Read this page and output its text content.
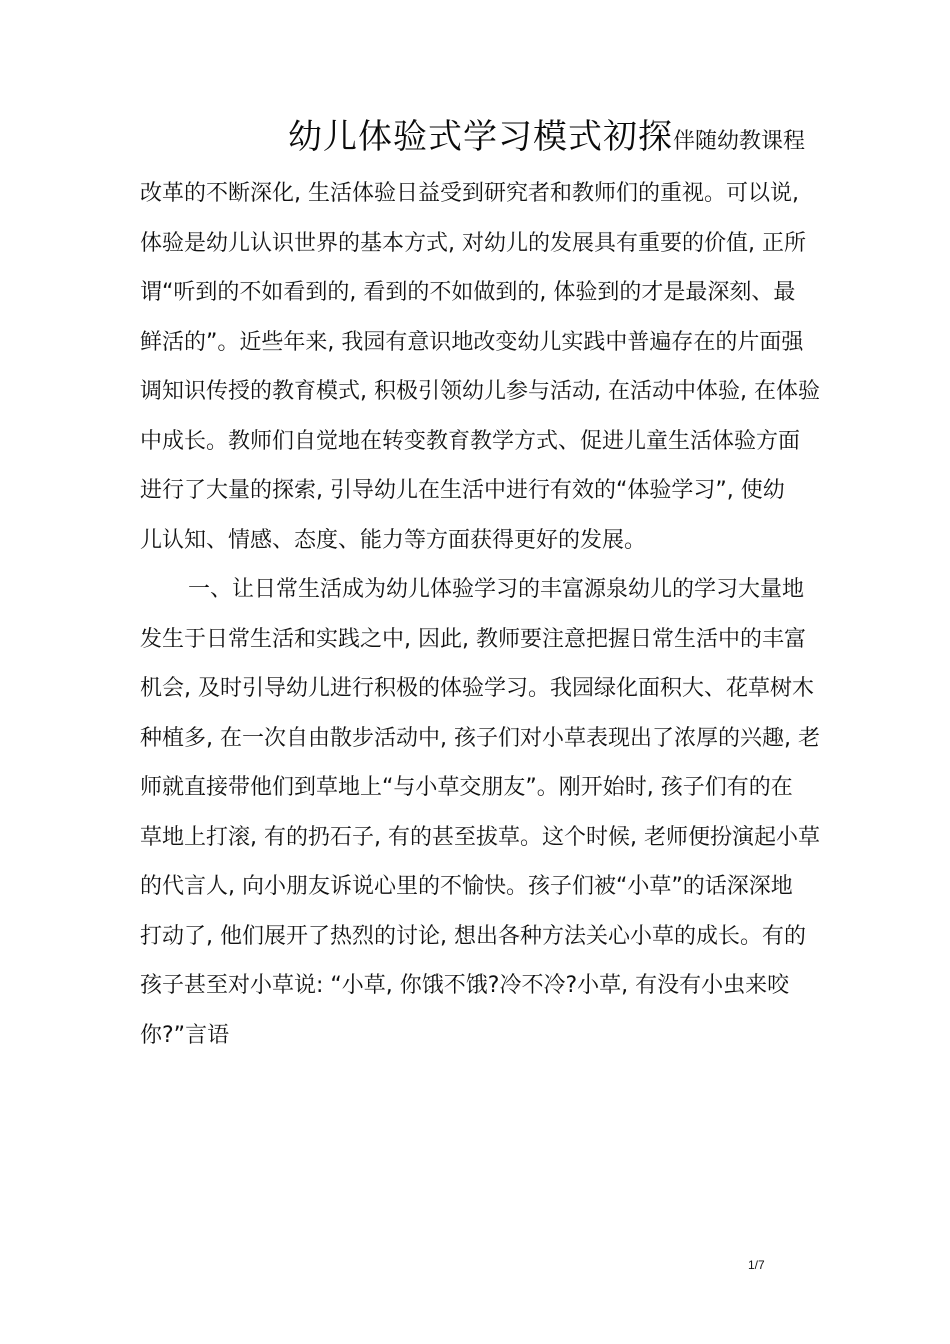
幼儿体验式学习模式初探伴随幼教课程
改革的不断深化, 生活体验日益受到研究者和教师们的重视。可以说,
体验是幼儿认识世界的基本方式, 对幼儿的发展具有重要的价值, 正所
谓“听到的不如看到的, 看到的不如做到的, 体验到的才是最深刻、最
鲜活的”。近些年来, 我园有意识地改变幼儿实践中普遍存在的片面强
调知识传授的教育模式, 积极引领幼儿参与活动, 在活动中体验, 在体验
中成长。教师们自觉地在转变教育教学方式、促进儿童生活体验方面
进行了大量的探索, 引导幼儿在生活中进行有效的“体验学习”, 使幼
儿认知、情感、态度、能力等方面获得更好的发展。
一、让日常生活成为幼儿体验学习的丰富源泉幼儿的学习大量地
发生于日常生活和实践之中, 因此, 教师要注意把握日常生活中的丰富
机会, 及时引导幼儿进行积极的体验学习。我园绿化面积大、花草树木
种植多, 在一次自由散步活动中, 孩子们对小草表现出了浓厚的兴趣, 老
师就直接带他们到草地上“与小草交朋友”。刚开始时, 孩子们有的在
草地上打滚, 有的扔石子, 有的甚至拔草。这个时候, 老师便扮演起小草
的代言人, 向小朋友诉说心里的不愉快。孩子们被“小草”的话深深地
打动了, 他们展开了热烈的讨论, 想出各种方法关心小草的成长。有的
孩子甚至对小草说: “小草, 你饿不饿?冷不冷?小草, 有没有小虫来咬
你?”言语
1/7
